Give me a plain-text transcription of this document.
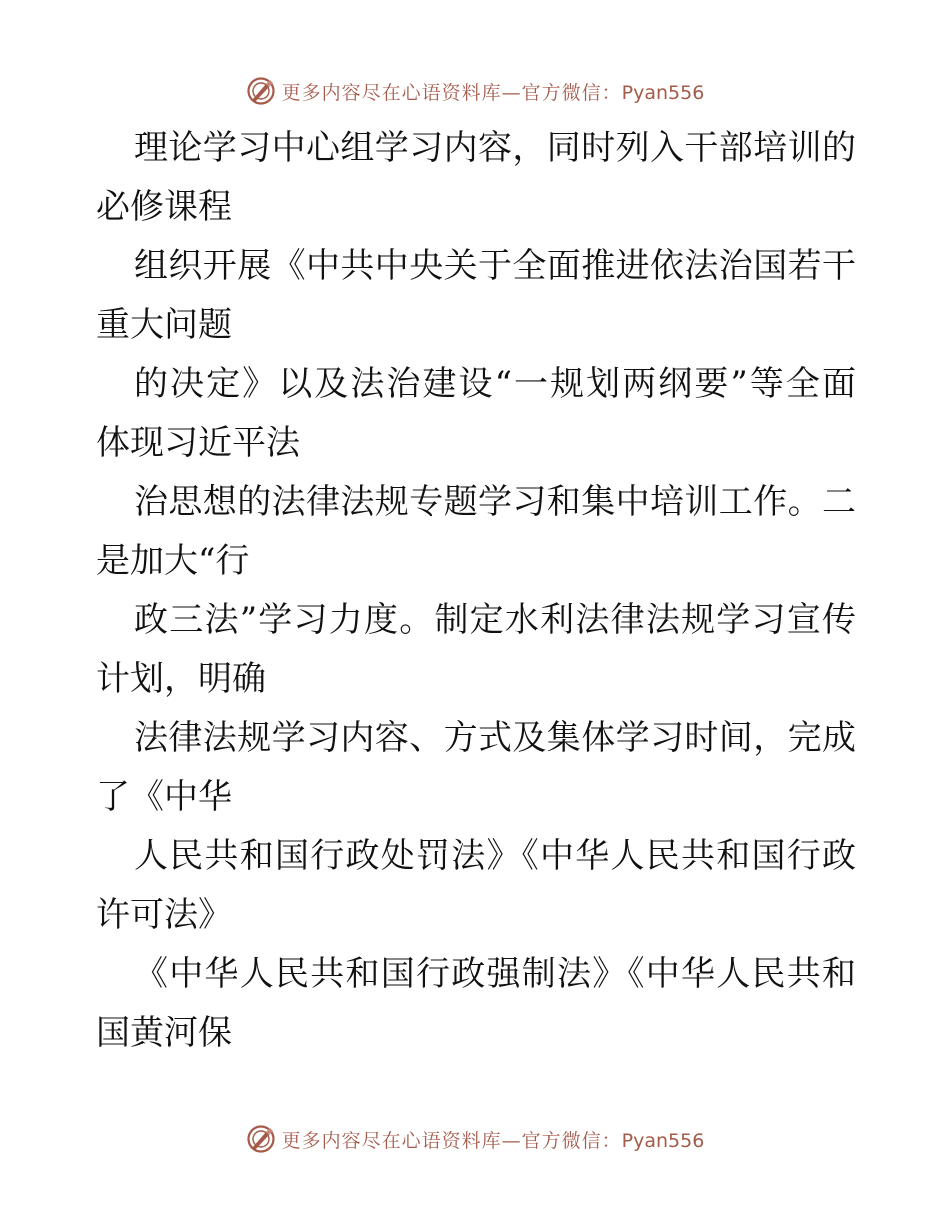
更多内容尽在心语资料库—官方微信：Pyan556
理论学习中心组学习内容，同时列入干部培训的
必修课程
组织开展《中共中央关于全面推进依法治国若干
重大问题
的决定》以及法治建设“一规划两纲要”等全面
体现习近平法
治思想的法律法规专题学习和集中培训工作。二
是加大“行
政三法”学习力度。制定水利法律法规学习宣传
计划，明确
法律法规学习内容、方式及集体学习时间，完成
了《中华
人民共和国行政处罚法》《中华人民共和国行政
许可法》
《中华人民共和国行政强制法》《中华人民共和
国黄河保
更多内容尽在心语资料库—官方微信：Pyan556
